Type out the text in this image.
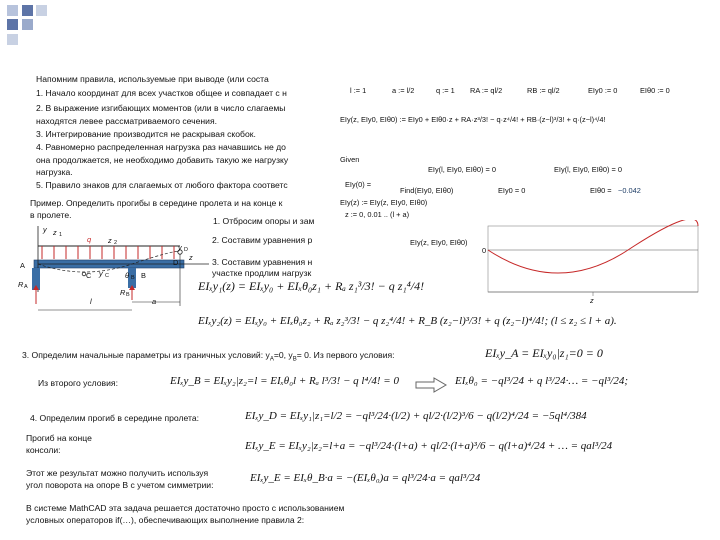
Напомним правила, используемые при выводе (или соста
1. Начало координат для всех участков общее и совпадает с н
2. В выражение изгибающих моментов (или в число слагаемы
находятся левее рассматриваемого сечения.
3. Интегрирование производится не раскрывая скобок.
4. Равномерно распределенная нагрузка раз начавшись не до
она продолжается, не необходимо добавить такую же нагрузку
нагрузка.
5. Правило знаков для слагаемых от любого фактора соответс
Пример. Определить прогибы в середине пролета и на конце к
в пролете.
1. Отбросим опоры и зам
2. Составим уравнения р
3. Составим уравнения н
участке продлим нагрузк
y z 1	q z 2	y D
D
z
A
C y C θ B B
R A
R B
l	a
l := 1	a := l/2	q := 1 RA := ql/2	RB := ql/2	EIy0 := 0	EIθ0 := 0
EIy(z, EIy0, EIθ0) := EIy0 + EIθ0·z + RA·z³/3! − q·z⁴/4! + RB·(z−l)³/3! + q·(z−l)⁴/4!
Given
EIy(l, EIy0, EIθ0) = 0	EIy(l, EIy0, EIθ0) = 0
EIy(0) =
Find(EIy0, EIθ0)	EIy0 = 0	EIθ0 = −0.042
EIy(z) := EIy(z, EIy0, EIθ0)
z := 0, 0.01 .. (l + a)
EIy(z, EIy0, EIθ0)
0
z
EIₓy₁(z) = EIₓy₀ + EIₓθ₀z₁ + Rₐ z₁³/3! − q z₁⁴/4!
EIₓy₂(z) = EIₓy₀ + EIₓθ₀z₂ + Rₐ z₂³/3! − q z₂⁴/4! + R_B (z₂−l)³/3! + q (z₂−l)⁴/4!; (l ≤ z₂ ≤ l + a).
3. Определим начальные параметры из граничных условий: $y_A=0$, $y_B= 0$. Из первого условия:	EIₓy_A = EIₓy₀|z₁=0 = 0
Из второго условия:	EIₓy_B = EIₓy₂|z₂=l = EIₓθ₀l + Rₐ l³/3! − q l⁴/4! = 0	EIₓθ₀ = −ql³/24 + q l³/24·… = −ql³/24;
4. Определим прогиб в середине пролета:	EIₓy_D = EIₓy₁|z₁=l/2 = −ql³/24·(l/2) + ql/2·(l/2)³/6 − q(l/2)⁴/24 = −5ql⁴/384
Прогиб на конце
консоли:	EIₓy_E = EIₓy₂|z₂=l+a = −ql³/24·(l+a) + ql/2·(l+a)³/6 − q(l+a)⁴/24 + … = qal³/24
Этот же результат можно получить используя
угол поворота на опоре B с учетом симметрии:
EIₓy_E = EIₓθ_B·a = −(EIₓθ₀)a = ql³/24·a = qal³/24
В системе MathCAD эта задача решается достаточно просто с использованием
условных операторов if(…), обеспечивающих выполнение правила 2:
